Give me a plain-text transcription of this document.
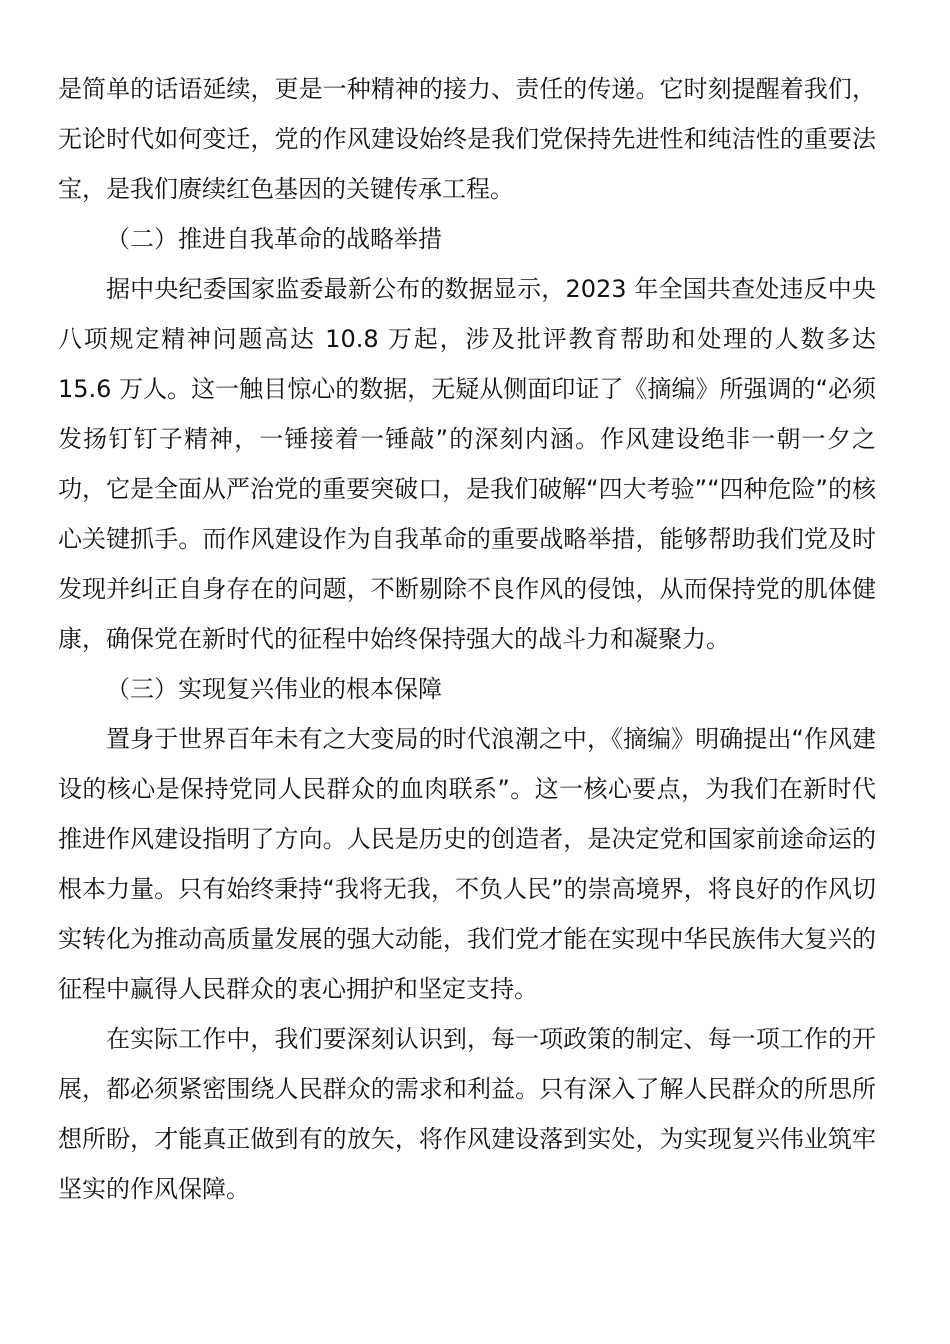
是简单的话语延续，更是一种精神的接力、责任的传递。它时刻提醒着我们，无论时代如何变迁，党的作风建设始终是我们党保持先进性和纯洁性的重要法宝，是我们赓续红色基因的关键传承工程。

（二）推进自我革命的战略举措

据中央纪委国家监委最新公布的数据显示，2023 年全国共查处违反中央八项规定精神问题高达 10.8 万起，涉及批评教育帮助和处理的人数多达 15.6 万人。这一触目惊心的数据，无疑从侧面印证了《摘编》所强调的“必须发扬钉钉子精神，一锤接着一锤敲”的深刻内涵。作风建设绝非一朝一夕之功，它是全面从严治党的重要突破口，是我们破解“四大考验”“四种危险”的核心关键抓手。而作风建设作为自我革命的重要战略举措，能够帮助我们党及时发现并纠正自身存在的问题，不断剔除不良作风的侵蚀，从而保持党的肌体健康，确保党在新时代的征程中始终保持强大的战斗力和凝聚力。

（三）实现复兴伟业的根本保障

置身于世界百年未有之大变局的时代浪潮之中，《摘编》明确提出“作风建设的核心是保持党同人民群众的血肉联系”。这一核心要点，为我们在新时代推进作风建设指明了方向。人民是历史的创造者，是决定党和国家前途命运的根本力量。只有始终秉持“我将无我，不负人民”的崇高境界，将良好的作风切实转化为推动高质量发展的强大动能，我们党才能在实现中华民族伟大复兴的征程中赢得人民群众的衷心拥护和坚定支持。

在实际工作中，我们要深刻认识到，每一项政策的制定、每一项工作的开展，都必须紧密围绕人民群众的需求和利益。只有深入了解人民群众的所思所想所盼，才能真正做到有的放矢，将作风建设落到实处，为实现复兴伟业筑牢坚实的作风保障。
